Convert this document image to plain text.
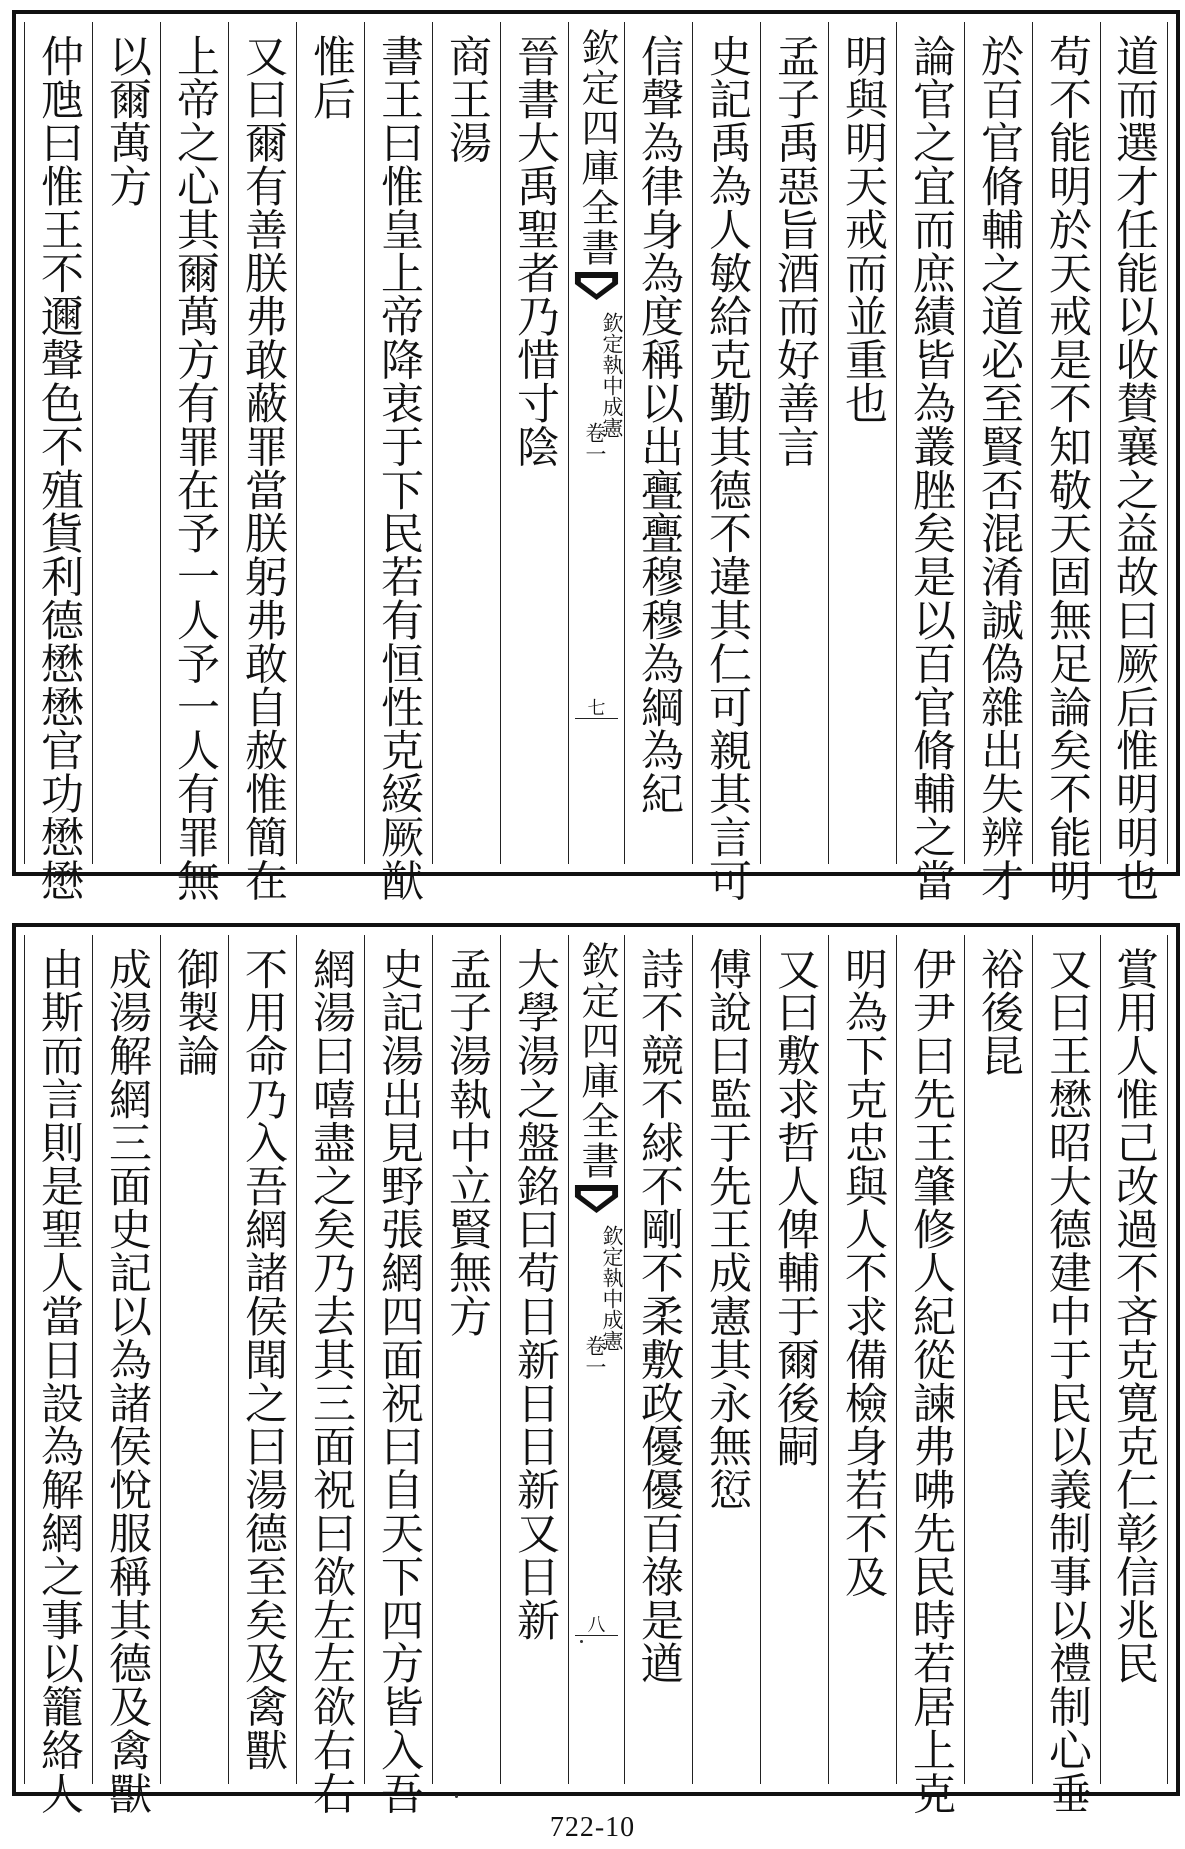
道而選才任能以收賛襄之益故曰厥后惟明明也
苟不能明於天戒是不知敬天固無足論矣不能明
於百官脩輔之道必至賢否混淆誠偽雜出失辨才
論官之宜而庶績皆為叢脞矣是以百官脩輔之當
明與明天戒而並重也
孟子禹惡旨酒而好善言
史記禹為人敏給克勤其德不違其仁可親其言可
信聲為律身為度稱以出亹亹穆穆為綱為紀
欽定四庫全書
欽定執中成憲
卷一
七
晉書大禹聖者乃惜寸陰
商王湯
書王曰惟皇上帝降衷于下民若有恒性克綏厥猷
惟后
又曰爾有善朕弗敢蔽罪當朕躬弗敢自赦惟簡在
上帝之心其爾萬方有罪在予一人予一人有罪無
以爾萬方
仲虺曰惟王不邇聲色不殖貨利德懋懋官功懋懋
賞用人惟己改過不吝克寛克仁彰信兆民
又曰王懋昭大德建中于民以義制事以禮制心垂
裕後昆
伊尹曰先王肇修人紀從諫弗咈先民時若居上克
明為下克忠與人不求備檢身若不及
又曰敷求哲人俾輔于爾後嗣
傅說曰監于先王成憲其永無愆
詩不競不絿不剛不柔敷政優優百祿是遒
欽定四庫全書
欽定執中成憲
卷一
八
大學湯之盤銘曰苟日新日日新又日新
孟子湯執中立賢無方
史記湯出見野張網四面祝曰自天下四方皆入吾
網湯曰嘻盡之矣乃去其三面祝曰欲左左欲右右
不用命乃入吾網諸侯聞之曰湯德至矣及禽獸
御製論
成湯解網三面史記以為諸侯悅服稱其德及禽獸
由斯而言則是聖人當日設為解網之事以籠絡人
722-10
